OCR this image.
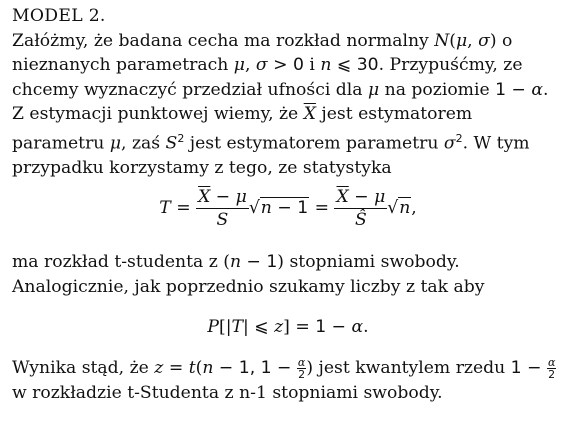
MODEL 2.

Załóżmy, że badana cecha ma rozkład normalny N(μ, σ) o nieznanych parametrach μ, σ > 0 i n ⩽ 30. Przypuśćmy, ze chcemy wyznaczyć przedział ufności dla μ na poziomie 1 − α. Z estymacji punktowej wiemy, że $\overline{X}$ jest estymatorem parametru μ, zaś $S^2$ jest estymatorem parametru $\sigma^2$. W tym przypadku korzystamy z tego, ze statystyka

$T = \frac{\overline{X} - \mu}{S} √n - 1 = \frac{\overline{X} - \mu}{Ŝ} √n$,

ma rozkład t-studenta z (n − 1) stopniami swobody.

Analogicznie, jak poprzednio szukamy liczby z tak aby

P[|T| ⩽ z] = 1 − α.

Wynika stąd, że z = t(n − 1, $1 - \frac{\alpha}{2}$ ) jest kwantylem rzedu $1 - \frac{\alpha}{2}$

w rozkładzie t-Studenta z n-1 stopniami swobody.
